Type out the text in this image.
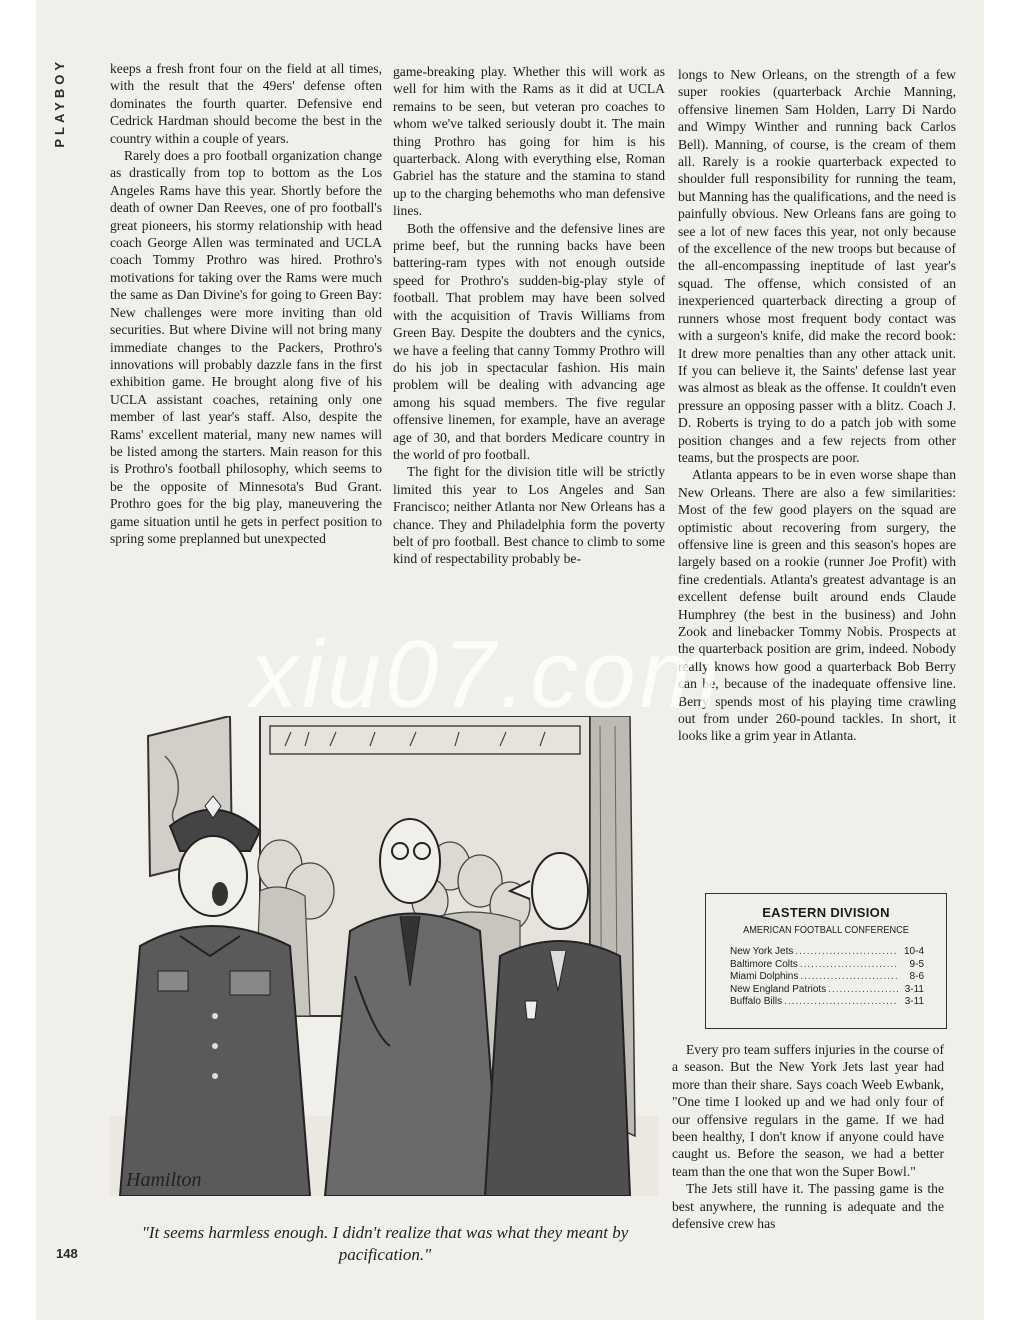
PLAYBOY	keeps a fresh front four on the field at all times, with the result that the 49ers' defense often dominates the fourth quarter. Defensive end Cedrick Hardman should become the best in the country within a couple of years.

Rarely does a pro football organization change as drastically from top to bottom as the Los Angeles Rams have this year. Shortly before the death of owner Dan Reeves, one of pro football's great pioneers, his stormy relationship with head coach George Allen was terminated and UCLA coach Tommy Prothro was hired. Prothro's motivations for taking over the Rams were much the same as Dan Divine's for going to Green Bay: New challenges were more inviting than old securities. But where Divine will not bring many immediate changes to the Packers, Prothro's innovations will probably dazzle fans in the first exhibition game. He brought along five of his UCLA assistant coaches, retaining only one member of last year's staff. Also, despite the Rams' excellent material, many new names will be listed among the starters. Main reason for this is Prothro's football philosophy, which seems to be the opposite of Minnesota's Bud Grant. Prothro goes for the big play, maneuvering the game situation until he gets in perfect position to spring some preplanned but unexpected

game-breaking play. Whether this will work as well for him with the Rams as it did at UCLA remains to be seen, but veteran pro coaches to whom we've talked seriously doubt it. The main thing Prothro has going for him is his quarterback. Along with everything else, Roman Gabriel has the stature and the stamina to stand up to the charging behemoths who man defensive lines.

Both the offensive and the defensive lines are prime beef, but the running backs have been battering-ram types with not enough outside speed for Prothro's sudden-big-play style of football. That problem may have been solved with the acquisition of Travis Williams from Green Bay. Despite the doubters and the cynics, we have a feeling that canny Tommy Prothro will do his job in spectacular fashion. His main problem will be dealing with advancing age among his squad members. The five regular offensive linemen, for example, have an average age of 30, and that borders Medicare country in the world of pro football.

The fight for the division title will be strictly limited this year to Los Angeles and San Francisco; neither Atlanta nor New Orleans has a chance. They and Philadelphia form the poverty belt of pro football. Best chance to climb to some kind of respectability probably be-

longs to New Orleans, on the strength of a few super rookies (quarterback Archie Manning, offensive linemen Sam Holden, Larry Di Nardo and Wimpy Winther and running back Carlos Bell). Manning, of course, is the cream of them all. Rarely is a rookie quarterback expected to shoulder full responsibility for running the team, but Manning has the qualifications, and the need is painfully obvious. New Orleans fans are going to see a lot of new faces this year, not only because of the excellence of the new troops but because of the all-encompassing ineptitude of last year's squad. The offense, which consisted of an inexperienced quarterback directing a group of runners whose most frequent body contact was with a surgeon's knife, did make the record book: It drew more penalties than any other attack unit. If you can believe it, the Saints' defense last year was almost as bleak as the offense. It couldn't even pressure an opposing passer with a blitz. Coach J. D. Roberts is trying to do a patch job with some position changes and a few rejects from other teams, but the prospects are poor.

Atlanta appears to be in even worse shape than New Orleans. There are also a few similarities: Most of the few good players on the squad are optimistic about recovering from surgery, the offensive line is green and this season's hopes are largely based on a rookie (runner Joe Profit) with fine credentials. Atlanta's greatest advantage is an excellent defense built around ends Claude Humphrey (the best in the business) and John Zook and linebacker Tommy Nobis. Prospects at the quarterback position are grim, indeed. Nobody really knows how good a quarterback Bob Berry can be, because of the inadequate offensive line. Berry spends most of his playing time crawling out from under 260-pound tackles. In short, it looks like a grim year in Atlanta.

EASTERN DIVISION
AMERICAN FOOTBALL CONFERENCE
New York Jets .....	10-4
Baltimore Colts .....	9-5
Miami Dolphins .....	8-6
New England Patriots .....	3-11
Buffalo Bills .....	3-11

Every pro team suffers injuries in the course of a season. But the New York Jets last year had more than their share. Says coach Weeb Ewbank, "One time I looked up and we had only four of our offensive regulars in the game. If we had been healthy, I don't know if anyone could have caught us. Before the season, we had a better team than the one that won the Super Bowl."

The Jets still have it. The passing game is the best anywhere, the running is adequate and the defensive crew has

Hamilton
"It seems harmless enough. I didn't realize that was what they meant by pacification."
148
xiu07.com
